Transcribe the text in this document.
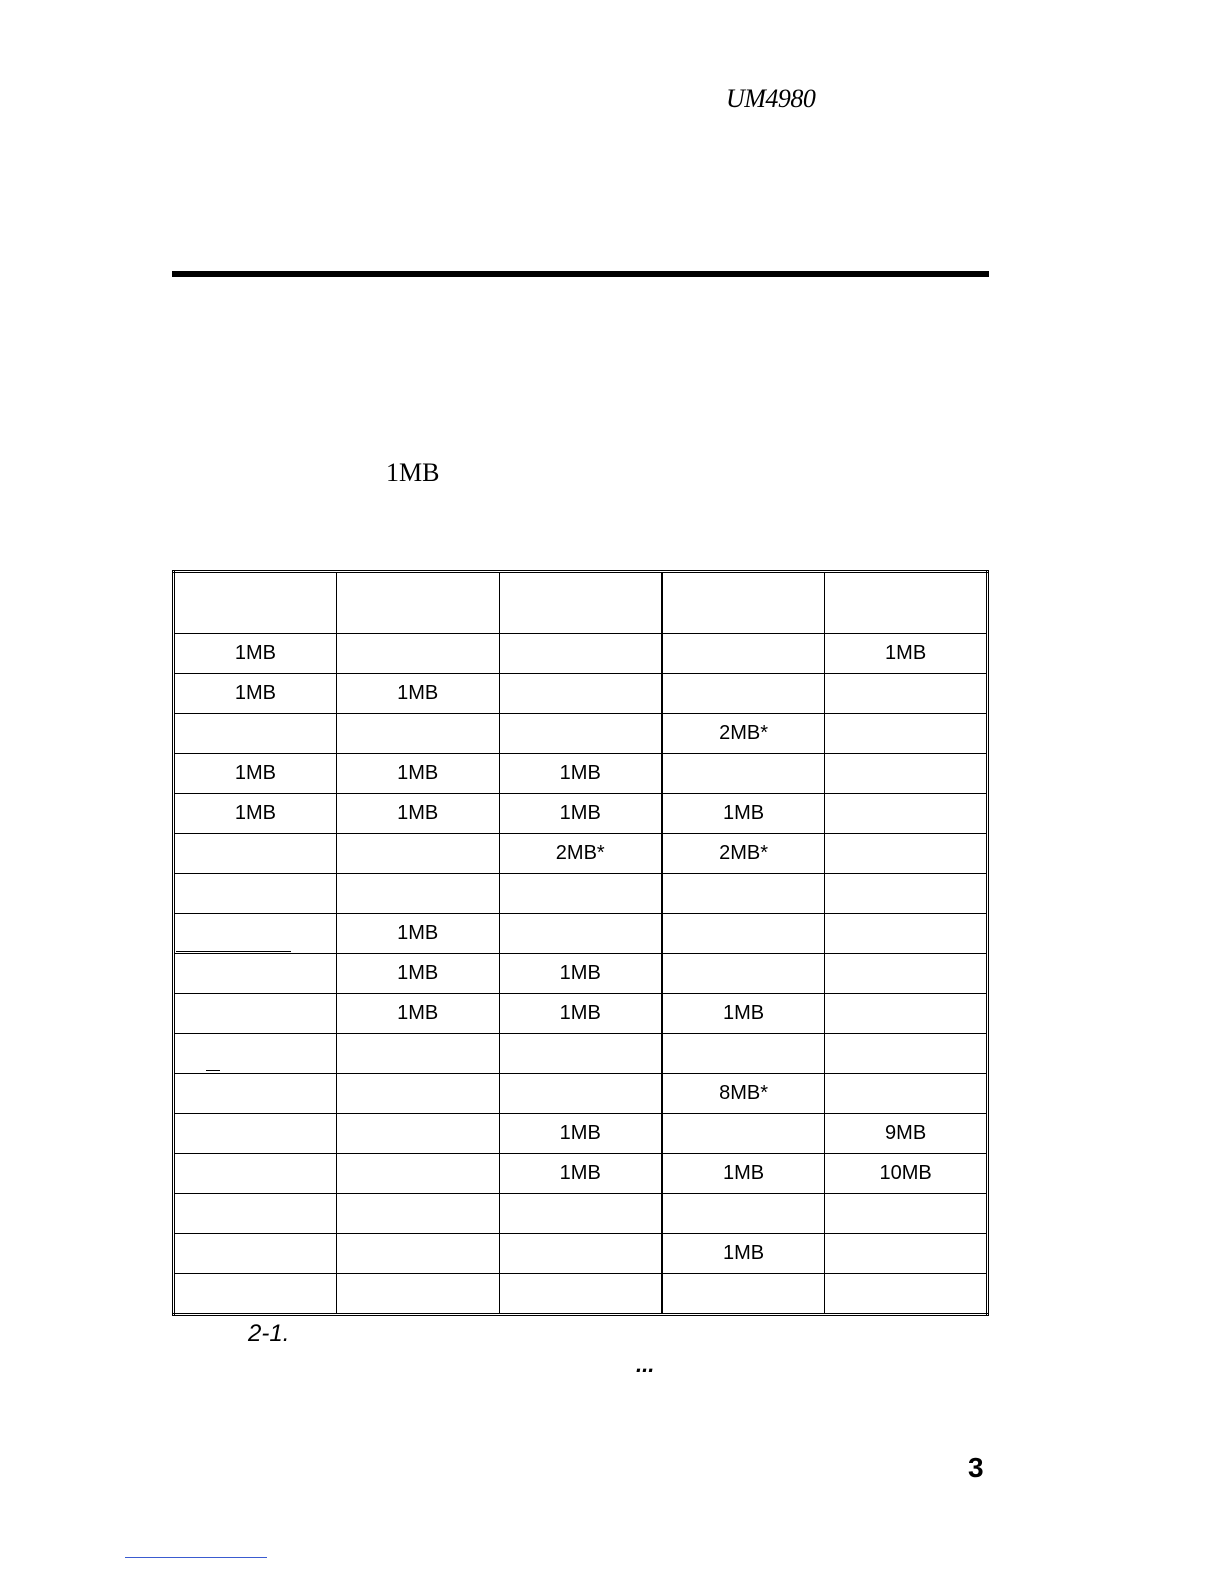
UM4980
1MB

1MB				1MB
1MB	1MB			
			2MB*	
1MB	1MB	1MB		
1MB	1MB	1MB	1MB	
		2MB*	2MB*	

	1MB			
	1MB	1MB		
	1MB	1MB	1MB	

			8MB*	
		1MB		9MB
		1MB	1MB	10MB

			1MB	

2-1.
...
3
